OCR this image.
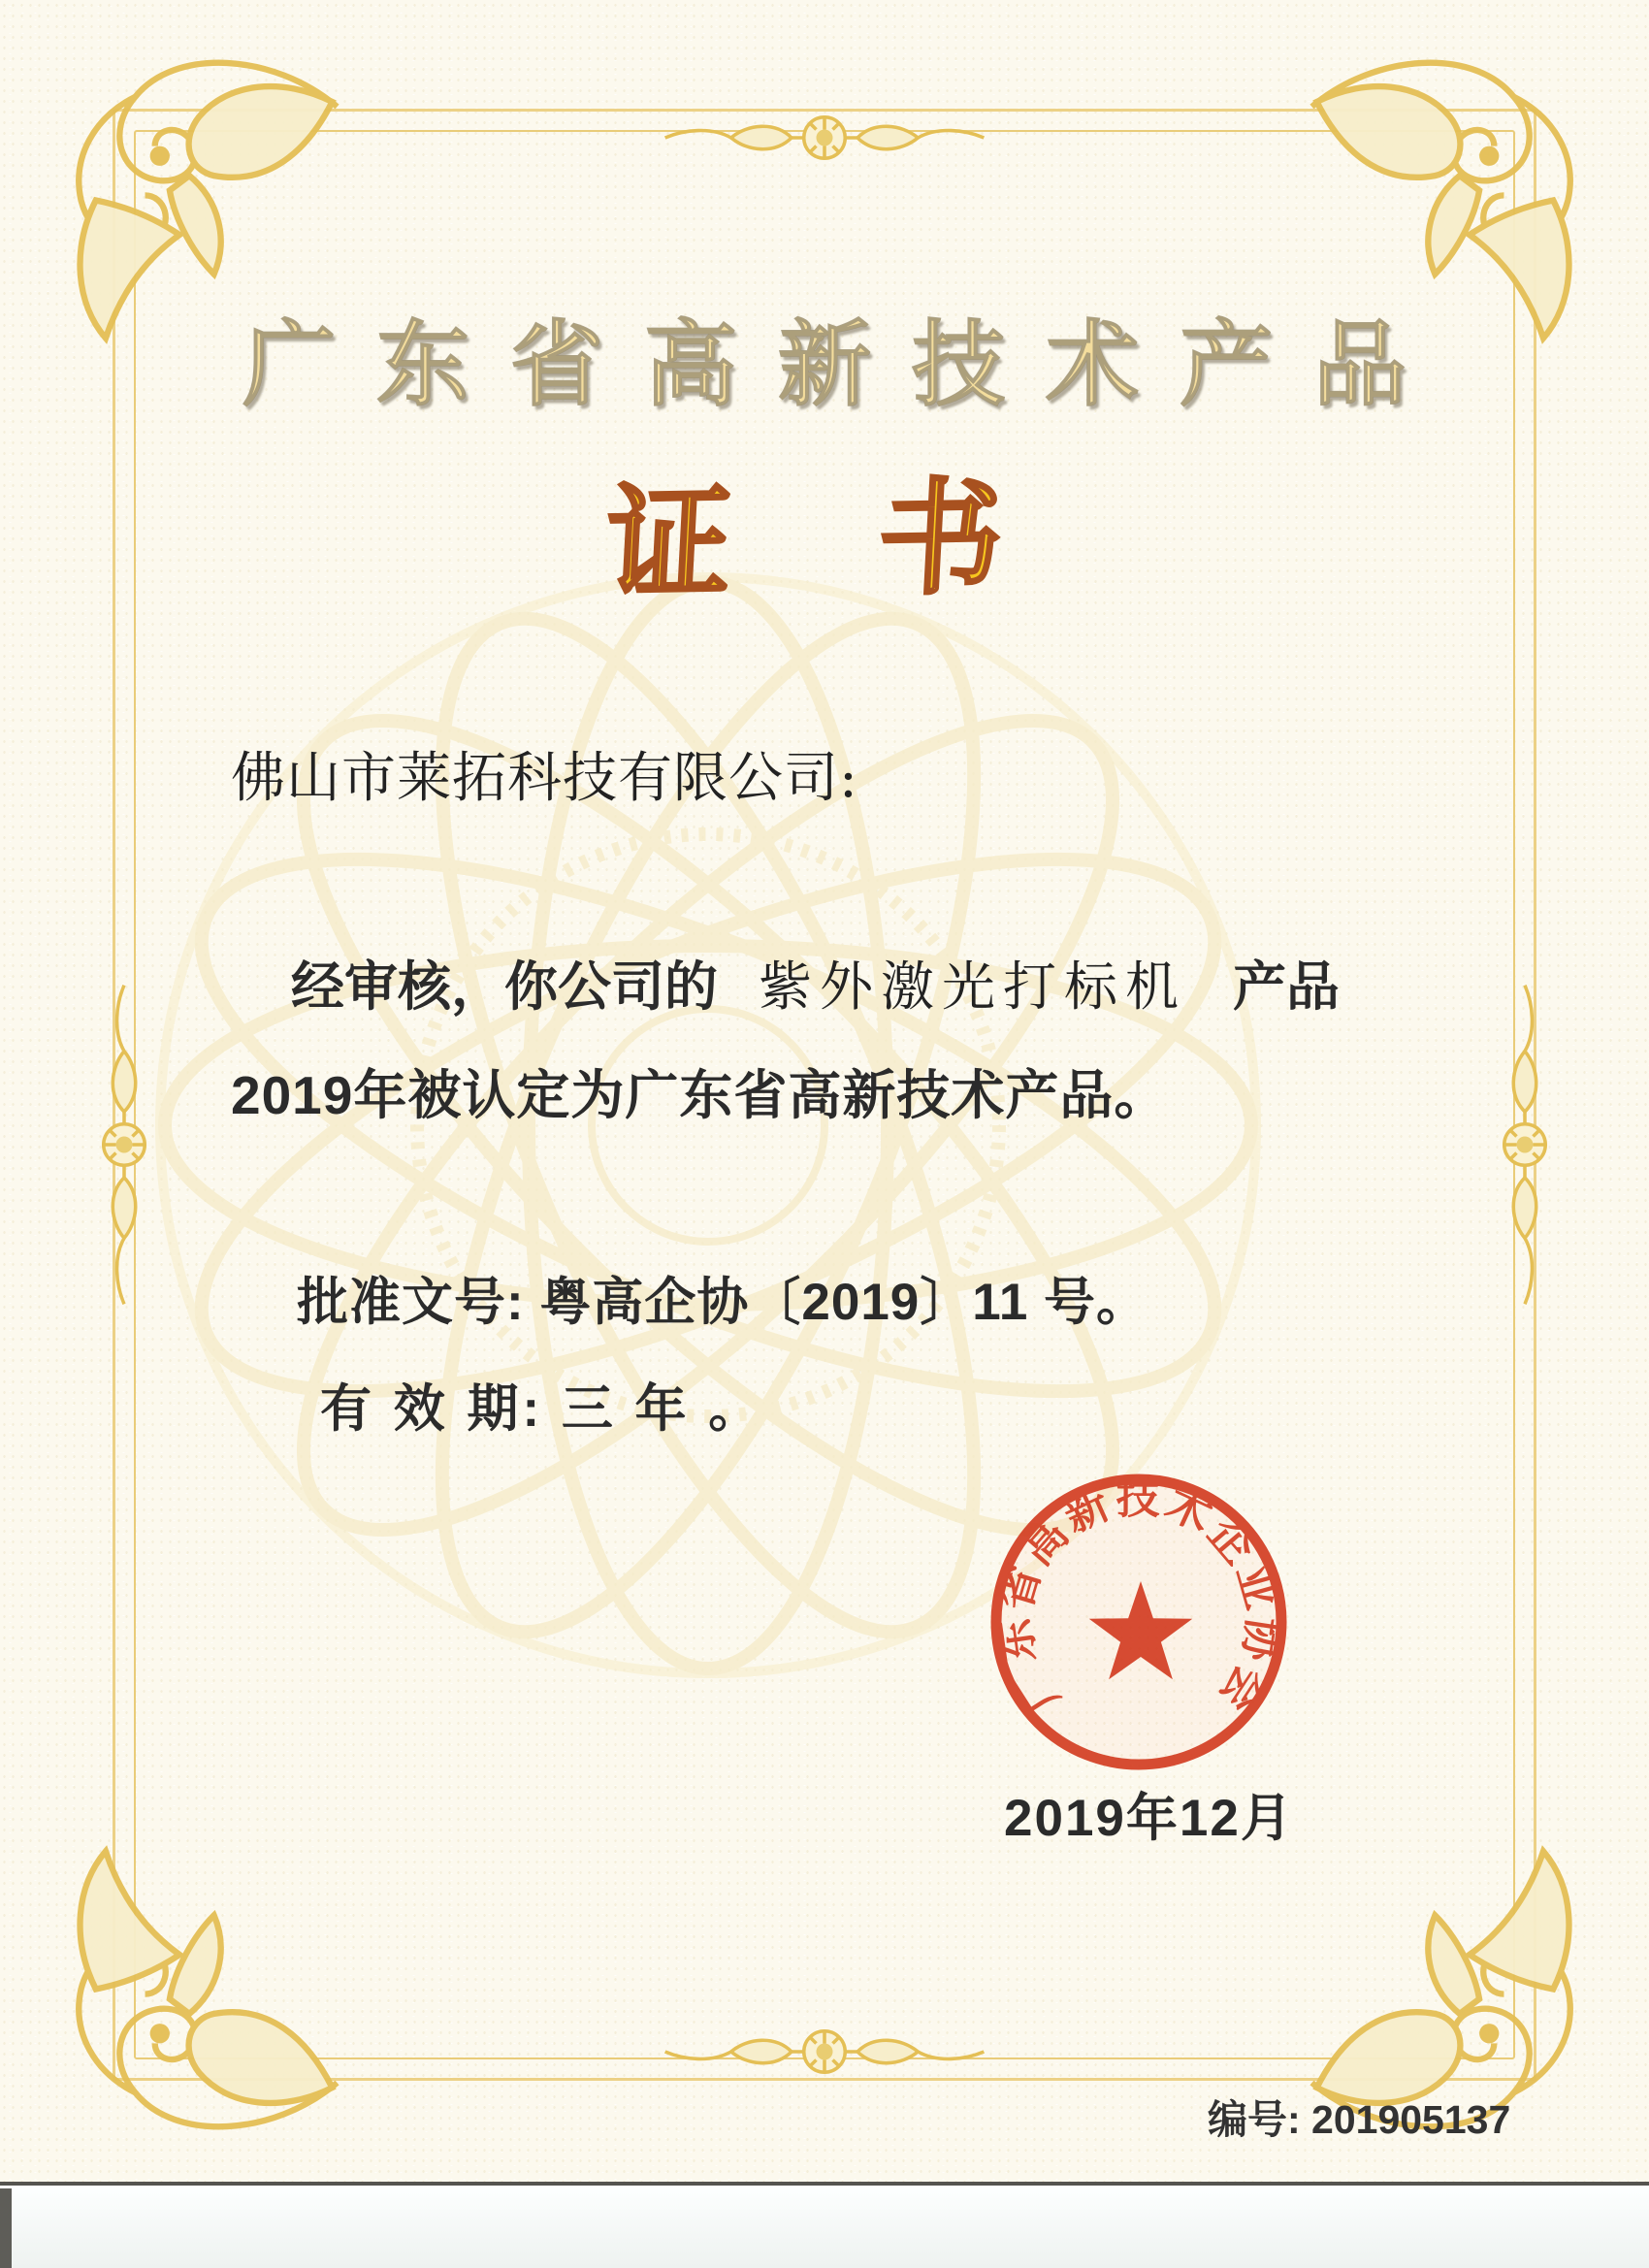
广东省高新技术产品
证 书
佛山市莱拓科技有限公司:
经审核，你公司的 紫外激光打标机 产品
2019年被认定为广东省高新技术产品。
批准文号: 粤高企协〔2019〕11 号。
有 效 期: 三 年 。
广东省高新技术企业协会
2019年12月
编号: 201905137
